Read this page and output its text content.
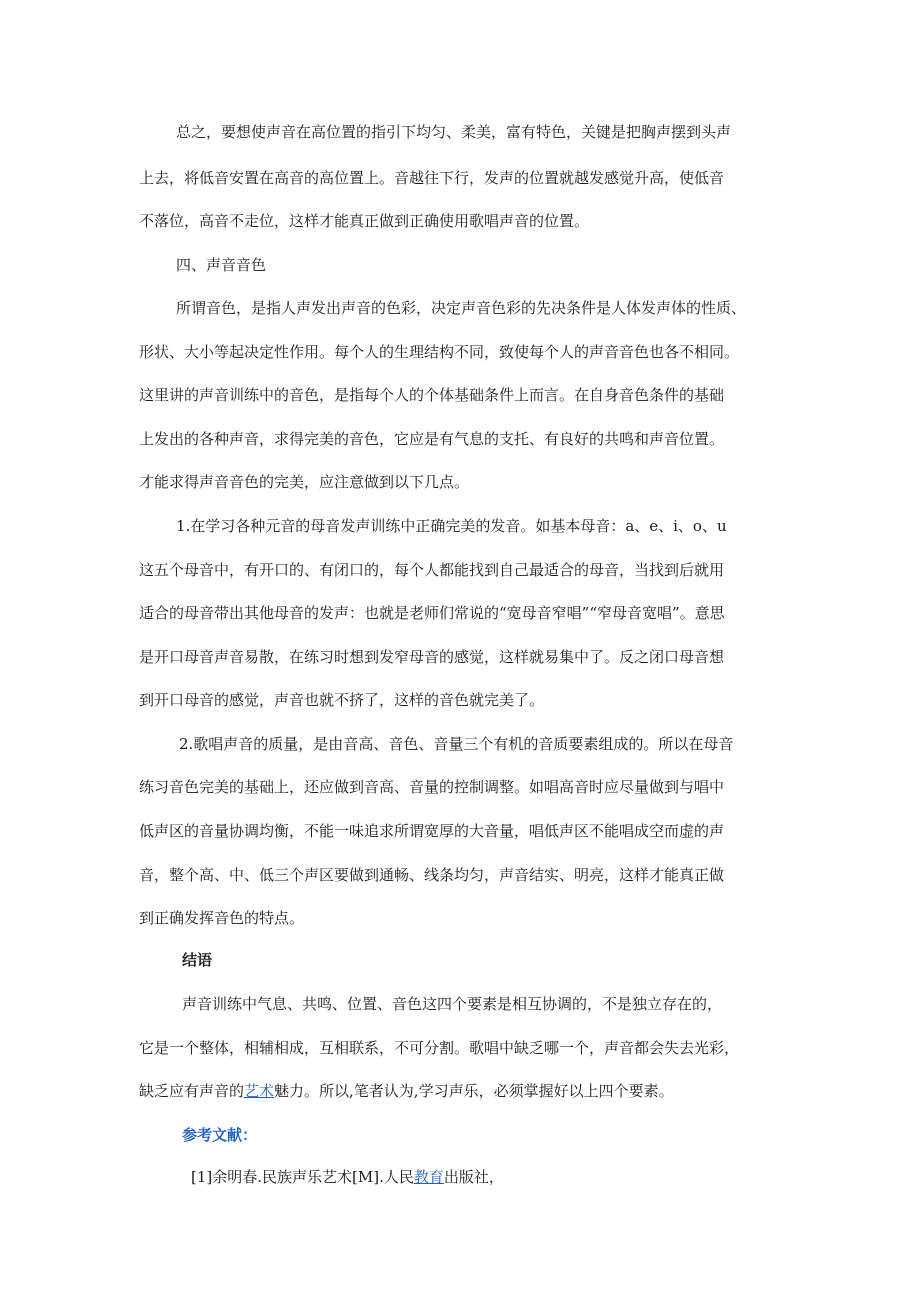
总之，要想使声音在高位置的指引下均匀、柔美，富有特色，关键是把胸声摆到头声
上去，将低音安置在高音的高位置上。音越往下行，发声的位置就越发感觉升高，使低音
不落位，高音不走位，这样才能真正做到正确使用歌唱声音的位置。
四、声音音色
所谓音色，是指人声发出声音的色彩，决定声音色彩的先决条件是人体发声体的性质、
形状、大小等起决定性作用。每个人的生理结构不同，致使每个人的声音音色也各不相同。
这里讲的声音训练中的音色，是指每个人的个体基础条件上而言。在自身音色条件的基础
上发出的各种声音，求得完美的音色，它应是有气息的支托、有良好的共鸣和声音位置。
才能求得声音音色的完美，应注意做到以下几点。
1.在学习各种元音的母音发声训练中正确完美的发音。如基本母音：a、e、i、o、u
这五个母音中，有开口的、有闭口的，每个人都能找到自己最适合的母音，当找到后就用
适合的母音带出其他母音的发声：也就是老师们常说的“宽母音窄唱”“窄母音宽唱”。意思
是开口母音声音易散，在练习时想到发窄母音的感觉，这样就易集中了。反之闭口母音想
到开口母音的感觉，声音也就不挤了，这样的音色就完美了。
2.歌唱声音的质量，是由音高、音色、音量三个有机的音质要素组成的。所以在母音
练习音色完美的基础上，还应做到音高、音量的控制调整。如唱高音时应尽量做到与唱中
低声区的音量协调均衡，不能一味追求所谓宽厚的大音量，唱低声区不能唱成空而虚的声
音，整个高、中、低三个声区要做到通畅、线条均匀，声音结实、明亮，这样才能真正做
到正确发挥音色的特点。
结语
声音训练中气息、共鸣、位置、音色这四个要素是相互协调的，不是独立存在的，
它是一个整体，相辅相成，互相联系，不可分割。歌唱中缺乏哪一个，声音都会失去光彩，
缺乏应有声音的艺术魅力。所以,笔者认为,学习声乐，必须掌握好以上四个要素。
参考文献：
[1]余明春.民族声乐艺术[M].人民教育出版社，
